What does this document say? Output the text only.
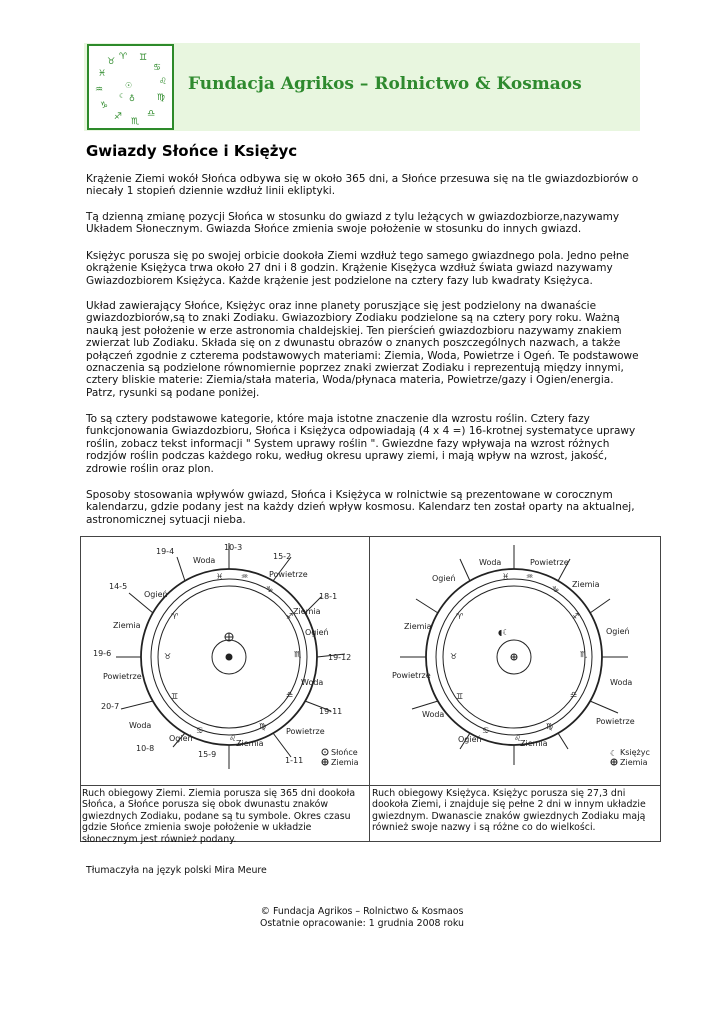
♈ ♊
♋
♌
♍
♎
♏
♐
♑
♒
♓
♉
☉
♁
☾
Fundacja Agrikos – Rolnictwo & Kosmaos
Gwiazdy Słońce i Księżyc

Krążenie Ziemi wokół Słońca odbywa się w około 365 dni, a Słońce przesuwa się na tle gwiazdozbiorów o niecały 1 stopień dziennie wzdłuż linii ekliptyki.

Tą dzienną zmianę pozycji Słońca w stosunku do gwiazd z tylu leżących w gwiazdozbiorze,nazywamy Układem Słonecznym. Gwiazda Słońce zmienia swoje położenie w stosunku do innych gwiazd.

Księżyc porusza się po swojej orbicie dookoła Ziemi wzdłuż tego samego gwiazdnego pola. Jedno pełne okrążenie Księżyca trwa około 27 dni i 8 godzin. Krążenie Kisężyca wzdłuż świata gwiazd nazywamy Gwiazdozbiorem Księżyca. Każde krążenie jest podzielone na cztery fazy lub kwadraty Księżyca.

Układ zawierający Słońce, Księżyc oraz inne planety poruszjące się jest podzielony na dwanaście gwiazdozbiorów,są to znaki Zodiaku. Gwiazozbiory Zodiaku podzielone są na cztery pory roku. Ważną nauką jest położenie w erze astronomia chaldejskiej. Ten pierścień gwiazdozbioru nazywamy znakiem zwierzat lub Zodiaku. Składa się on z dwunastu obrazów o znanych poszczególnych nazwach, a także połączeń zgodnie z czterema podstawowych materiami: Ziemia, Woda, Powietrze i Ogeń. Te podstawowe oznaczenia są podzielone równomiernie poprzez znaki zwierzat Zodiaku i reprezentują między innymi, cztery bliskie materie: Ziemia/stała materia, Woda/płynaca materia, Powietrze/gazy i Ogien/energia. Patrz, rysunki są podane poniżej.

To są cztery podstawowe kategorie, które maja istotne znaczenie dla wzrostu roślin. Cztery fazy funkcjonowania Gwiazdozbioru, Słońca i Księżyca odpowiadają (4 x 4 =) 16-krotnej systematyce uprawy roślin, zobacz tekst informacji " System uprawy roślin ". Gwiezdne fazy wpływaja na wzrost różnych rodzjów roślin podczas każdego roku, według okresu uprawy ziemi, i mają wpływ na wzrost, jakość, zdrowie roślin oraz plon.

Sposoby stosowania wpływów gwiazd, Słońca i Księżyca w rolnictwie są prezentowane w corocznym kalendarzu, gdzie podany jest na każdy dzień wpływ kosmosu. Kalendarz ten został oparty na aktualnej, astronomicznej sytuacji nieba.

♓ ♒
♑
♐
♏
♎
♍
♌
♋
♊
♉
♈
19-4	10-3
15-2
18-1
14-5
19-6	19-12
20-7
19-11
10-8
15-9
1-11
Woda
Powietrze
Ogień
Ziemia
Ziemia
Ogień
Powietrze
Woda
Woda
Powietrze
Ogień
Ziemia
Słońce
Ziemia
♓ ♒
♑
♐
♏
♎
♍
♌
♋
♊
♉
♈
◖☾
Woda	Powietrze
Ogień
Ziemia
Ziemia
Ogień
Powietrze
Woda
Woda
Powietrze
Ogień	Ziemia
☾ Księżyc
Ziemia

Ruch obiegowy Ziemi. Ziemia porusza się 365 dni dookoła Słońca, a Słońce porusza się obok dwunastu znaków gwiezdnych Zodiaku, podane są tu symbole. Okres czasu gdzie Słońce zmienia swoje położenie w układzie słonecznym jest również podany.

Ruch obiegowy Księżyca. Księżyc porusza się 27,3 dni dookoła Ziemi, i znajduje się pełne 2 dni w innym układzie gwiezdnym. Dwanascie znaków gwiezdnych Zodiaku mają również swoje nazwy i są różne co do wielkości.

Tłumaczyła na język polski Mira Meure
© Fundacja Agrikos – Rolnictwo & Kosmaos
Ostatnie opracowanie: 1 grudnia 2008 roku
